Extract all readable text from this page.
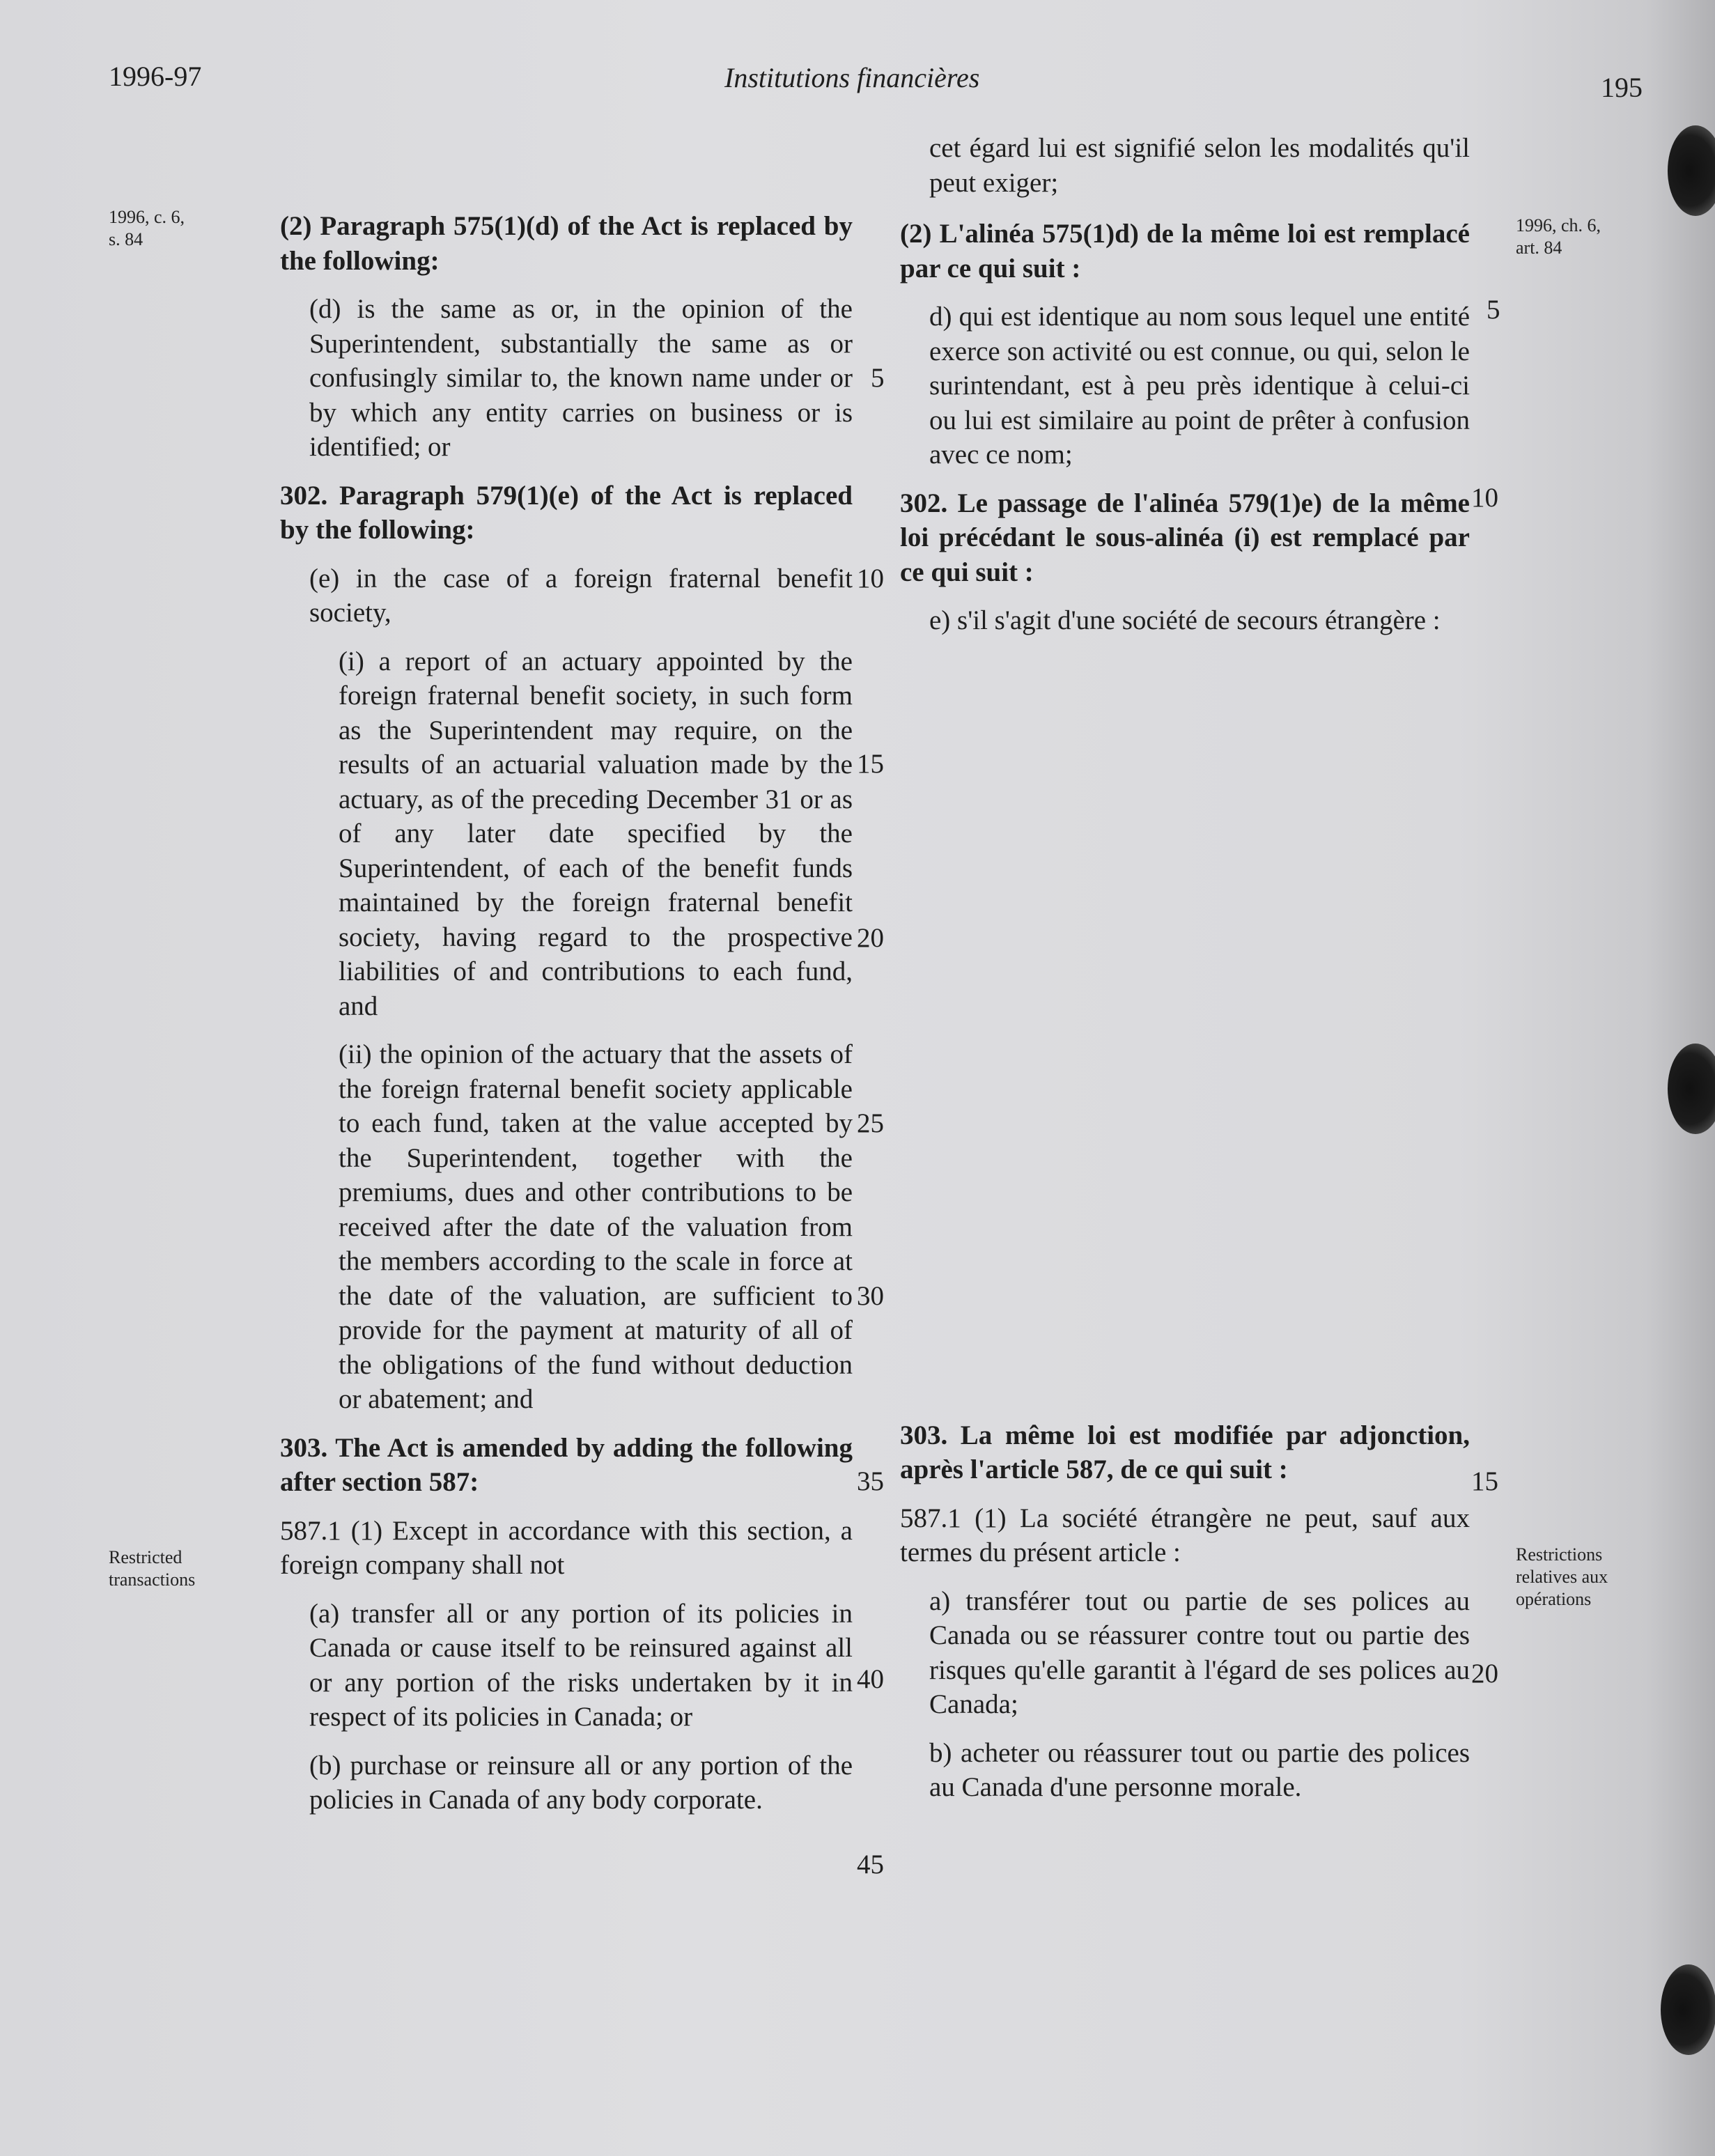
1996-97	Institutions financières	195
1996, c. 6,
s. 84
Restricted
transactions
1996, ch. 6,
art. 84
Restrictions
relatives aux
opérations

(2) Paragraph 575(1)(d) of the Act is replaced by the following:

(d) is the same as or, in the opinion of the Superintendent, substantially the same as or confusingly similar to, the known name under or by which any entity carries on business or is identified; or

302. Paragraph 579(1)(e) of the Act is replaced by the following:

(e) in the case of a foreign fraternal benefit society,

(i) a report of an actuary appointed by the foreign fraternal benefit society, in such form as the Superintendent may require, on the results of an actuarial valuation made by the actuary, as of the preceding December 31 or as of any later date specified by the Superintendent, of each of the benefit funds maintained by the foreign fraternal benefit society, having regard to the prospective liabilities of and contributions to each fund, and

(ii) the opinion of the actuary that the assets of the foreign fraternal benefit society applicable to each fund, taken at the value accepted by the Superintendent, together with the premiums, dues and other contributions to be received after the date of the valuation from the members according to the scale in force at the date of the valuation, are sufficient to provide for the payment at maturity of all of the obligations of the fund without deduction or abatement; and

303. The Act is amended by adding the following after section 587:

587.1 (1) Except in accordance with this section, a foreign company shall not

(a) transfer all or any portion of its policies in Canada or cause itself to be reinsured against all or any portion of the risks undertaken by it in respect of its policies in Canada; or

(b) purchase or reinsure all or any portion of the policies in Canada of any body corporate.

5
10
15
20
25
30
35
40
45

cet égard lui est signifié selon les modalités qu'il peut exiger;

(2) L'alinéa 575(1)d) de la même loi est remplacé par ce qui suit :

d) qui est identique au nom sous lequel une entité exerce son activité ou est connue, ou qui, selon le surintendant, est à peu près identique à celui-ci ou lui est similaire au point de prêter à confusion avec ce nom;

302. Le passage de l'alinéa 579(1)e) de la même loi précédant le sous-alinéa (i) est remplacé par ce qui suit :

e) s'il s'agit d'une société de secours étrangère :

303. La même loi est modifiée par adjonction, après l'article 587, de ce qui suit :

587.1 (1) La société étrangère ne peut, sauf aux termes du présent article :

a) transférer tout ou partie de ses polices au Canada ou se réassurer contre tout ou partie des risques qu'elle garantit à l'égard de ses polices au Canada;

b) acheter ou réassurer tout ou partie des polices au Canada d'une personne morale.

5
10
15
20
